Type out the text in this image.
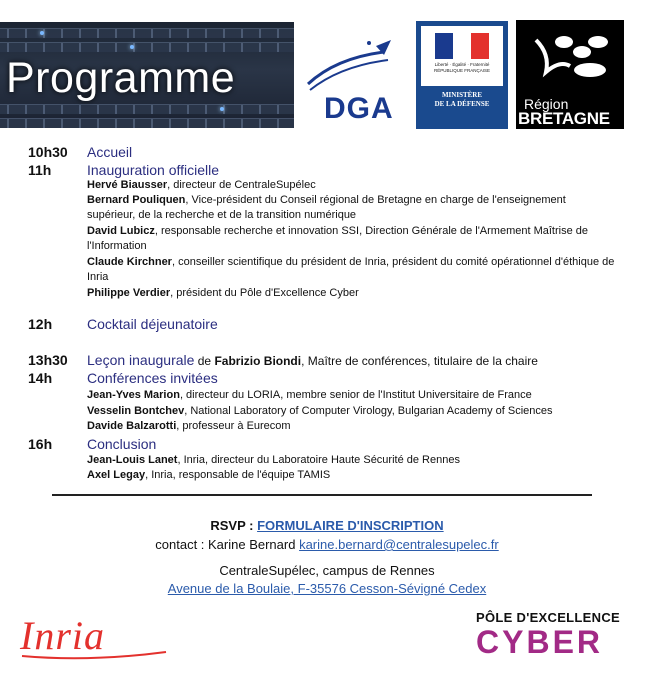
Programme
DGA
Liberté · Égalité · Fraternité
RÉPUBLIQUE FRANÇAISE
MINISTÈRE
DE LA DÉFENSE	Région
BRETAGNE
10h30 Accueil
11h	Inauguration officielle
Hervé Biausser, directeur de CentraleSupélec
Bernard Pouliquen, Vice-président du Conseil régional de Bretagne en charge de l'enseignement supérieur, de la recherche et de la transition numérique
David Lubicz, responsable recherche et innovation SSI, Direction Générale de l'Armement Maîtrise de l'Information
Claude Kirchner, conseiller scientifique du président de Inria, président du comité opérationnel d'éthique de Inria
Philippe Verdier, président du Pôle d'Excellence Cyber
12h Cocktail déjeunatoire
13h30 Leçon inaugurale de Fabrizio Biondi, Maître de conférences, titulaire de la chaire
14h Conférences invitées
Jean-Yves Marion, directeur du LORIA, membre senior de l'Institut Universitaire de France
Vesselin Bontchev, National Laboratory of Computer Virology, Bulgarian Academy of Sciences
Davide Balzarotti, professeur à Eurecom
16h Conclusion
Jean-Louis Lanet, Inria, directeur du Laboratoire Haute Sécurité de Rennes
Axel Legay, Inria, responsable de l'équipe TAMIS
RSVP : FORMULAIRE D'INSCRIPTION
contact : Karine Bernard karine.bernard@centralesupelec.fr
CentraleSupélec, campus de Rennes
Avenue de la Boulaie, F-35576 Cesson-Sévigné Cedex
Inria	PÔLE D'EXCELLENCE
CYBER
